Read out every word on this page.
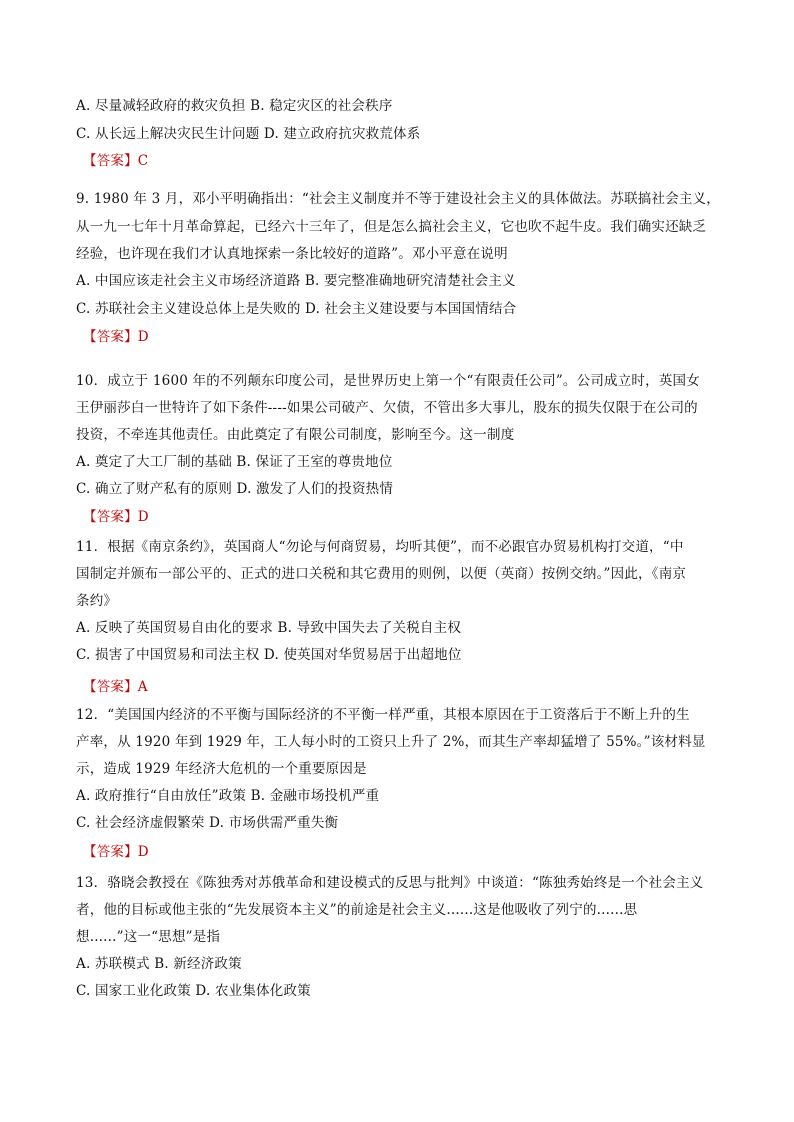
A. 尽量减轻政府的救灾负担 B. 稳定灾区的社会秩序
C. 从长远上解决灾民生计问题 D. 建立政府抗灾救荒体系
【答案】C
9. 1980 年 3 月，邓小平明确指出：“社会主义制度并不等于建设社会主义的具体做法。苏联搞社会主义，
从一九一七年十月革命算起，已经六十三年了，但是怎么搞社会主义，它也吹不起牛皮。我们确实还缺乏
经验，也许现在我们才认真地探索一条比较好的道路”。邓小平意在说明
A. 中国应该走社会主义市场经济道路 B. 要完整准确地研究清楚社会主义
C. 苏联社会主义建设总体上是失败的 D. 社会主义建设要与本国国情结合
【答案】D
10．成立于 1600 年的不列颠东印度公司，是世界历史上第一个“有限责任公司”。公司成立时，英国女
王伊丽莎白一世特许了如下条件----如果公司破产、欠债，不管出多大事儿，股东的损失仅限于在公司的
投资，不牵连其他责任。由此奠定了有限公司制度，影响至今。这一制度
A. 奠定了大工厂制的基础 B. 保证了王室的尊贵地位
C. 确立了财产私有的原则 D. 激发了人们的投资热情
【答案】D
11．根据《南京条约》，英国商人“勿论与何商贸易，均听其便”，而不必跟官办贸易机构打交道，“中
国制定并颁布一部公平的、正式的进口关税和其它费用的则例，以便（英商）按例交纳。”因此，《南京
条约》
A. 反映了英国贸易自由化的要求 B. 导致中国失去了关税自主权
C. 损害了中国贸易和司法主权 D. 使英国对华贸易居于出超地位
【答案】A
12．“美国国内经济的不平衡与国际经济的不平衡一样严重，其根本原因在于工资落后于不断上升的生
产率，从 1920 年到 1929 年，工人每小时的工资只上升了 2%，而其生产率却猛增了 55%。”该材料显
示，造成 1929 年经济大危机的一个重要原因是
A. 政府推行“自由放任”政策 B. 金融市场投机严重
C. 社会经济虚假繁荣 D. 市场供需严重失衡
【答案】D
13．骆晓会教授在《陈独秀对苏俄革命和建设模式的反思与批判》中谈道：“陈独秀始终是一个社会主义
者，他的目标或他主张的“先发展资本主义”的前途是社会主义......这是他吸收了列宁的......思
想......”这一“思想”是指
A. 苏联模式 B. 新经济政策
C. 国家工业化政策 D. 农业集体化政策
